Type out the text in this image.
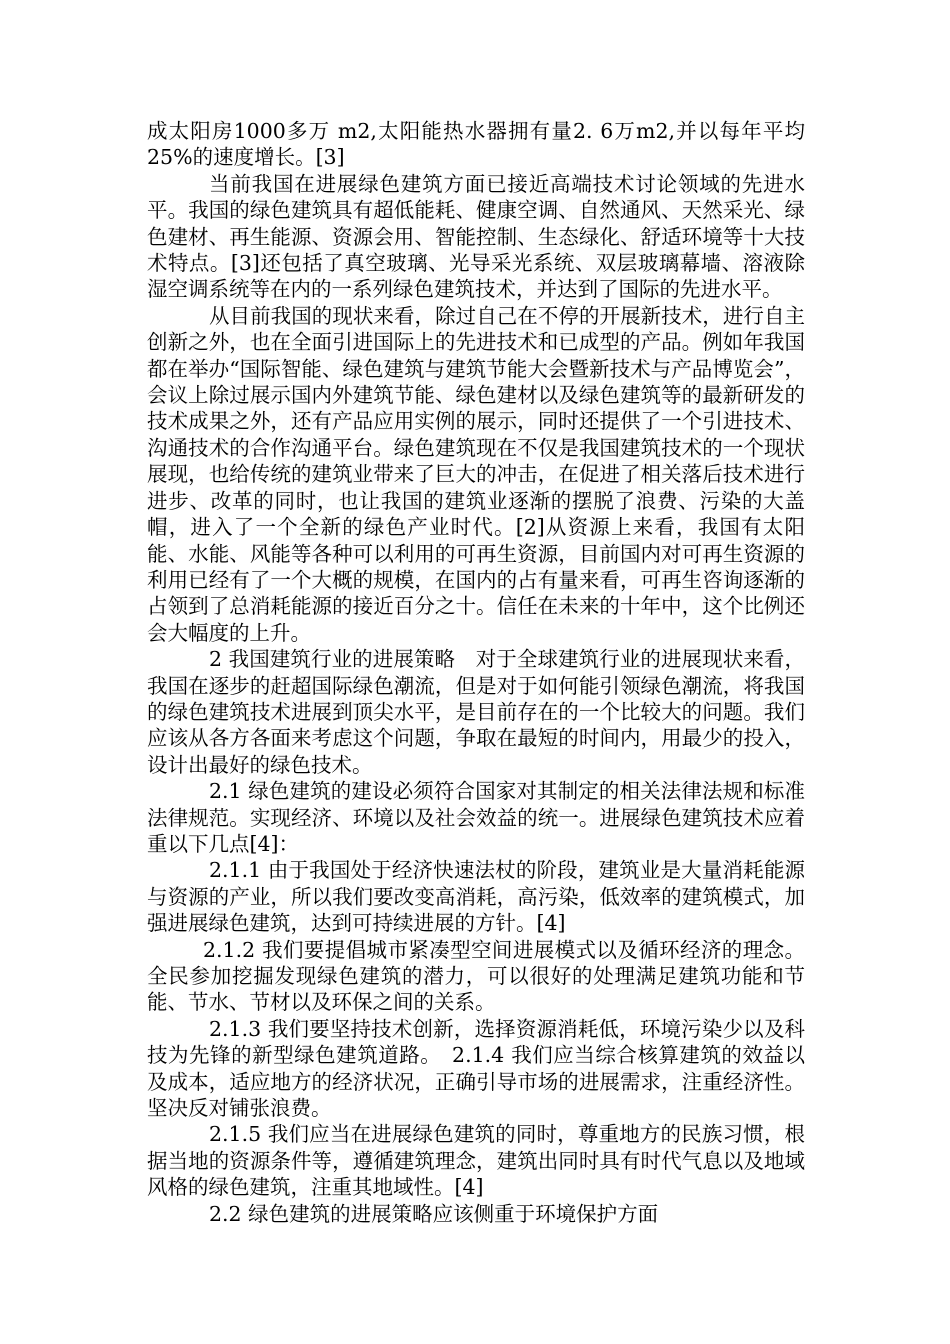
成太阳房1000多万 m2,太阳能热水器拥有量2. 6万m2,并以每年平均25%的速度增长。[3]

当前我国在进展绿色建筑方面已接近高端技术讨论领域的先进水平。我国的绿色建筑具有超低能耗、健康空调、自然通风、天然采光、绿色建材、再生能源、资源会用、智能控制、生态绿化、舒适环境等十大技术特点。[3]还包括了真空玻璃、光导采光系统、双层玻璃幕墙、溶液除湿空调系统等在内的一系列绿色建筑技术，并达到了国际的先进水平。

从目前我国的现状来看，除过自己在不停的开展新技术，进行自主创新之外，也在全面引进国际上的先进技术和已成型的产品。例如年我国都在举办“国际智能、绿色建筑与建筑节能大会暨新技术与产品博览会”，会议上除过展示国内外建筑节能、绿色建材以及绿色建筑等的最新研发的技术成果之外，还有产品应用实例的展示，同时还提供了一个引进技术、沟通技术的合作沟通平台。绿色建筑现在不仅是我国建筑技术的一个现状展现，也给传统的建筑业带来了巨大的冲击，在促进了相关落后技术进行进步、改革的同时，也让我国的建筑业逐渐的摆脱了浪费、污染的大盖帽，进入了一个全新的绿色产业时代。[2]从资源上来看，我国有太阳能、水能、风能等各种可以利用的可再生资源，目前国内对可再生资源的利用已经有了一个大概的规模，在国内的占有量来看，可再生咨询逐渐的占领到了总消耗能源的接近百分之十。信任在未来的十年中，这个比例还会大幅度的上升。

2 我国建筑行业的进展策略　对于全球建筑行业的进展现状来看，我国在逐步的赶超国际绿色潮流，但是对于如何能引领绿色潮流，将我国的绿色建筑技术进展到顶尖水平，是目前存在的一个比较大的问题。我们应该从各方各面来考虑这个问题，争取在最短的时间内，用最少的投入，设计出最好的绿色技术。

2.1 绿色建筑的建设必须符合国家对其制定的相关法律法规和标准法律规范。实现经济、环境以及社会效益的统一。进展绿色建筑技术应着重以下几点[4]：

2.1.1 由于我国处于经济快速法杖的阶段，建筑业是大量消耗能源与资源的产业，所以我们要改变高消耗，高污染，低效率的建筑模式，加强进展绿色建筑，达到可持续进展的方针。[4]

2.1.2 我们要提倡城市紧凑型空间进展模式以及循环经济的理念。全民参加挖掘发现绿色建筑的潜力，可以很好的处理满足建筑功能和节能、节水、节材以及环保之间的关系。

2.1.3 我们要坚持技术创新，选择资源消耗低，环境污染少以及科技为先锋的新型绿色建筑道路。　2.1.4 我们应当综合核算建筑的效益以及成本，适应地方的经济状况，正确引导市场的进展需求，注重经济性。坚决反对铺张浪费。

2.1.5 我们应当在进展绿色建筑的同时，尊重地方的民族习惯，根据当地的资源条件等，遵循建筑理念，建筑出同时具有时代气息以及地域风格的绿色建筑，注重其地域性。[4]

2.2 绿色建筑的进展策略应该侧重于环境保护方面
